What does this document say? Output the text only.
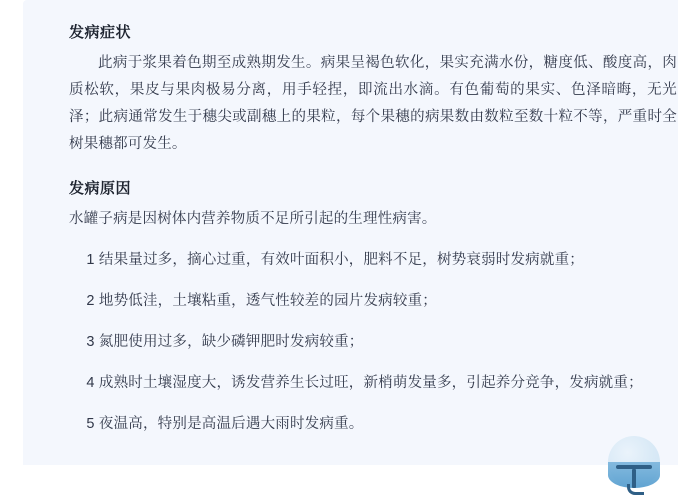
发病症状

此病于浆果着色期至成熟期发生。病果呈褐色软化，果实充满水份，糖度低、酸度高，肉质松软，果皮与果肉极易分离，用手轻捏，即流出水滴。有色葡萄的果实、色泽暗晦，无光泽；此病通常发生于穗尖或副穗上的果粒，每个果穗的病果数由数粒至数十粒不等，严重时全树果穗都可发生。

发病原因

水罐子病是因树体内营养物质不足所引起的生理性病害。

1 结果量过多，摘心过重，有效叶面积小，肥料不足，树势衰弱时发病就重；

2 地势低洼，土壤粘重，透气性较差的园片发病较重；

3 氮肥使用过多，缺少磷钾肥时发病较重；

4 成熟时土壤湿度大，诱发营养生长过旺，新梢萌发量多，引起养分竞争，发病就重；

5 夜温高，特别是高温后遇大雨时发病重。
